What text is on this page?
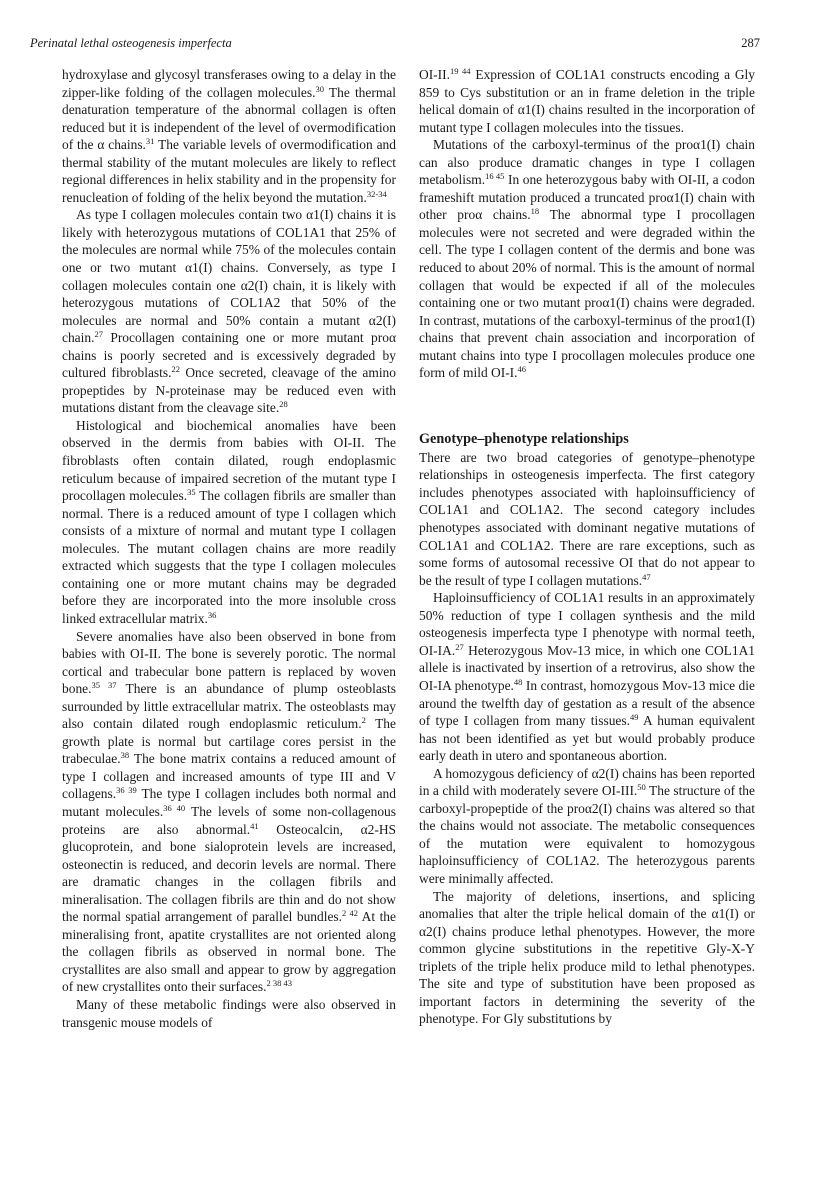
Perinatal lethal osteogenesis imperfecta	287

hydroxylase and glycosyl transferases owing to a delay in the zipper-like folding of the collagen molecules.$^{30}$ The thermal denaturation temperature of the abnormal collagen is often reduced but it is independent of the level of overmodification of the α chains.$^{31}$ The variable levels of overmodification and thermal stability of the mutant molecules are likely to reflect regional differences in helix stability and in the propensity for renucleation of folding of the helix beyond the mutation.$^{32-34}$

As type I collagen molecules contain two α1(I) chains it is likely with heterozygous mutations of COL1A1 that 25% of the molecules are normal while 75% of the molecules contain one or two mutant α1(I) chains. Conversely, as type I collagen molecules contain one α2(I) chain, it is likely with heterozygous mutations of COL1A2 that 50% of the molecules are normal and 50% contain a mutant α2(I) chain.$^{27}$ Procollagen containing one or more mutant proα chains is poorly secreted and is excessively degraded by cultured fibroblasts.$^{22}$ Once secreted, cleavage of the amino propeptides by N-proteinase may be reduced even with mutations distant from the cleavage site.$^{28}$

Histological and biochemical anomalies have been observed in the dermis from babies with OI-II. The fibroblasts often contain dilated, rough endoplasmic reticulum because of impaired secretion of the mutant type I procollagen molecules.$^{35}$ The collagen fibrils are smaller than normal. There is a reduced amount of type I collagen which consists of a mixture of normal and mutant type I collagen molecules. The mutant collagen chains are more readily extracted which suggests that the type I collagen molecules containing one or more mutant chains may be degraded before they are incorporated into the more insoluble cross linked extracellular matrix.$^{36}$

Severe anomalies have also been observed in bone from babies with OI-II. The bone is severely porotic. The normal cortical and trabecular bone pattern is replaced by woven bone.$^{35 37}$ There is an abundance of plump osteoblasts surrounded by little extracellular matrix. The osteoblasts may also contain dilated rough endoplasmic reticulum.$^2$ The growth plate is normal but cartilage cores persist in the trabeculae.$^{38}$ The bone matrix contains a reduced amount of type I collagen and increased amounts of type III and V collagens.$^{36 39}$ The type I collagen includes both normal and mutant molecules.$^{36 40}$ The levels of some non-collagenous proteins are also abnormal.$^{41}$ Osteocalcin, α2-HS glucoprotein, and bone sialoprotein levels are increased, osteonectin is reduced, and decorin levels are normal. There are dramatic changes in the collagen fibrils and mineralisation. The collagen fibrils are thin and do not show the normal spatial arrangement of parallel bundles.$^{2 42}$ At the mineralising front, apatite crystallites are not oriented along the collagen fibrils as observed in normal bone. The crystallites are also small and appear to grow by aggregation of new crystallites onto their surfaces.$^{2 38 43}$

Many of these metabolic findings were also observed in transgenic mouse models of

OI-II.$^{19 44}$ Expression of COL1A1 constructs encoding a Gly 859 to Cys substitution or an in frame deletion in the triple helical domain of α1(I) chains resulted in the incorporation of mutant type I collagen molecules into the tissues.

Mutations of the carboxyl-terminus of the proα1(I) chain can also produce dramatic changes in type I collagen metabolism.$^{16 45}$ In one heterozygous baby with OI-II, a codon frameshift mutation produced a truncated proα1(I) chain with other proα chains.$^{18}$ The abnormal type I procollagen molecules were not secreted and were degraded within the cell. The type I collagen content of the dermis and bone was reduced to about 20% of normal. This is the amount of normal collagen that would be expected if all of the molecules containing one or two mutant proα1(I) chains were degraded. In contrast, mutations of the carboxyl-terminus of the proα1(I) chains that prevent chain association and incorporation of mutant chains into type I procollagen molecules produce one form of mild OI-I.$^{46}$

Genotype–phenotype relationships

There are two broad categories of genotype–phenotype relationships in osteogenesis imperfecta. The first category includes phenotypes associated with haploinsufficiency of COL1A1 and COL1A2. The second category includes phenotypes associated with dominant negative mutations of COL1A1 and COL1A2. There are rare exceptions, such as some forms of autosomal recessive OI that do not appear to be the result of type I collagen mutations.$^{47}$

Haploinsufficiency of COL1A1 results in an approximately 50% reduction of type I collagen synthesis and the mild osteogenesis imperfecta type I phenotype with normal teeth, OI-IA.$^{27}$ Heterozygous Mov-13 mice, in which one COL1A1 allele is inactivated by insertion of a retrovirus, also show the OI-IA phenotype.$^{48}$ In contrast, homozygous Mov-13 mice die around the twelfth day of gestation as a result of the absence of type I collagen from many tissues.$^{49}$ A human equivalent has not been identified as yet but would probably produce early death in utero and spontaneous abortion.

A homozygous deficiency of α2(I) chains has been reported in a child with moderately severe OI-III.$^{50}$ The structure of the carboxyl-propeptide of the proα2(I) chains was altered so that the chains would not associate. The metabolic consequences of the mutation were equivalent to homozygous haploinsufficiency of COL1A2. The heterozygous parents were minimally affected.

The majority of deletions, insertions, and splicing anomalies that alter the triple helical domain of the α1(I) or α2(I) chains produce lethal phenotypes. However, the more common glycine substitutions in the repetitive Gly-X-Y triplets of the triple helix produce mild to lethal phenotypes. The site and type of substitution have been proposed as important factors in determining the severity of the phenotype. For Gly substitutions by
